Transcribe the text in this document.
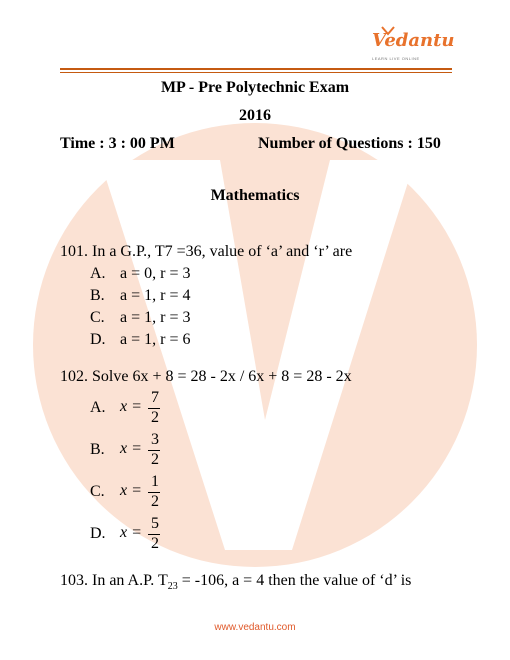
Vedantu
LEARN LIVE ONLINE
MP - Pre Polytechnic Exam
2016
Time : 3 : 00 PM	Number of Questions : 150
Mathematics
101. In a G.P., T7 =36, value of ‘a’ and ‘r’ are
A. a = 0, r = 3
B. a = 1, r = 4
C. a = 1, r = 3
D. a = 1, r = 6
102. Solve 6x + 8 = 28 - 2x / 6x + 8 = 28 - 2x
A. x =
7
2
B. x =
3
2
C. x =
1
2
D. x =
5
2
103. In an A.P. $T_{23} = -106$, a = 4 then the value of ‘d’ is
www.vedantu.com
